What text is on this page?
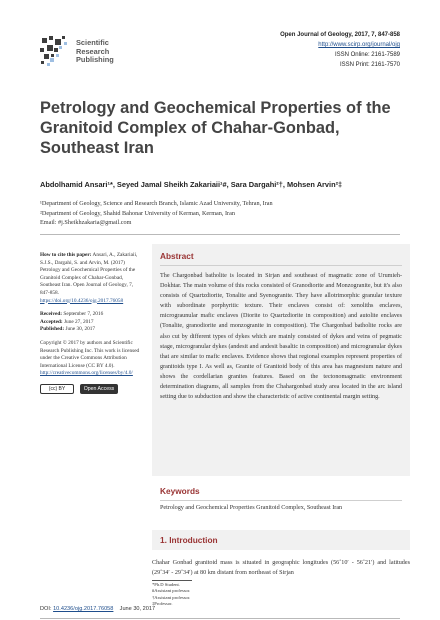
Scientific
Research
Publishing
Open Journal of Geology, 2017, 7, 847-858
http://www.scirp.org/journal/ojg
ISSN Online: 2161-7589
ISSN Print: 2161-7570
Petrology and Geochemical Properties of the Granitoid Complex of Chahar-Gonbad, Southeast Iran
Abdolhamid Ansari¹*, Seyed Jamal Sheikh Zakariaii¹#, Sara Dargahi²†, Mohsen Arvin²‡
¹Department of Geology, Science and Research Branch, Islamic Azad University, Tehran, Iran
²Department of Geology, Shahid Bahonar University of Kerman, Kerman, Iran
Email: #j.Sheikhzakaria@gmail.com

How to cite this paper: Ansari, A., Zakariaii, S.J.S., Dargahi, S. and Arvin, M. (2017) Petrology and Geochemical Properties of the Granitoid Complex of Chahar-Gonbad, Southeast Iran. Open Journal of Geology, 7, 847-858.
https://doi.org/10.4236/ojg.2017.76058

Received: September 7, 2016
Accepted: June 27, 2017
Published: June 30, 2017

Copyright © 2017 by authors and Scientific Research Publishing Inc. This work is licensed under the Creative Commons Attribution International License (CC BY 4.0).
http://creativecommons.org/licenses/by/4.0/

(cc) BY	Open Access
Abstract
The Chargonbad batholite is located in Sirjan and southeast of magmatic zone of Urumieh-Dokhtar. The main volume of this rocks consisted of Granodiorite and Monzogranite, but it's also consists of Quartzdiorite, Tonalite and Syenogranite. They have allotrimorphic granular texture with subordinate porphyritic texture. Their enclaves consist of: xenoliths enclaves, micrograunular mafic enclaves (Diorite to Quartzdiorite in composition) and autolite enclaves (Tonalite, granodiorite and monzogranite in composition). The Chargonbad batholite rocks are also cut by different types of dykes which are mainly consisted of dykes and veins of pegmatic stage, microgranular dykes (andesit and andesit basaltic in composition) and microgranular dykes that are similar to mafic enclaves. Evidence shows that regional examples represent properties of granitoids type I. As well as, Granite of Granitoid body of this area has magnesium nature and shows the cordellarian granites features. Based on the tectonomagmatic environment determination diagrams, all samples from the Chahargonbad study area located in the arc island setting due to subduction and show the characteristic of active continental margin setting.
Keywords
Petrology and Geochemical Properties Granitoid Complex, Southeast Iran
1. Introduction
Chahar Gonbad granitoid mass is situated in geographic longitudes (56˚10′ - 56˚21′) and latitudes (29˚34′ - 29˚34′) at 80 km distant from northeast of Sirjan
*Ph.D Student.
#Assistant professor.
†Assistant professor.
‡Professor.
DOI: 10.4236/ojg.2017.76058 June 30, 2017
